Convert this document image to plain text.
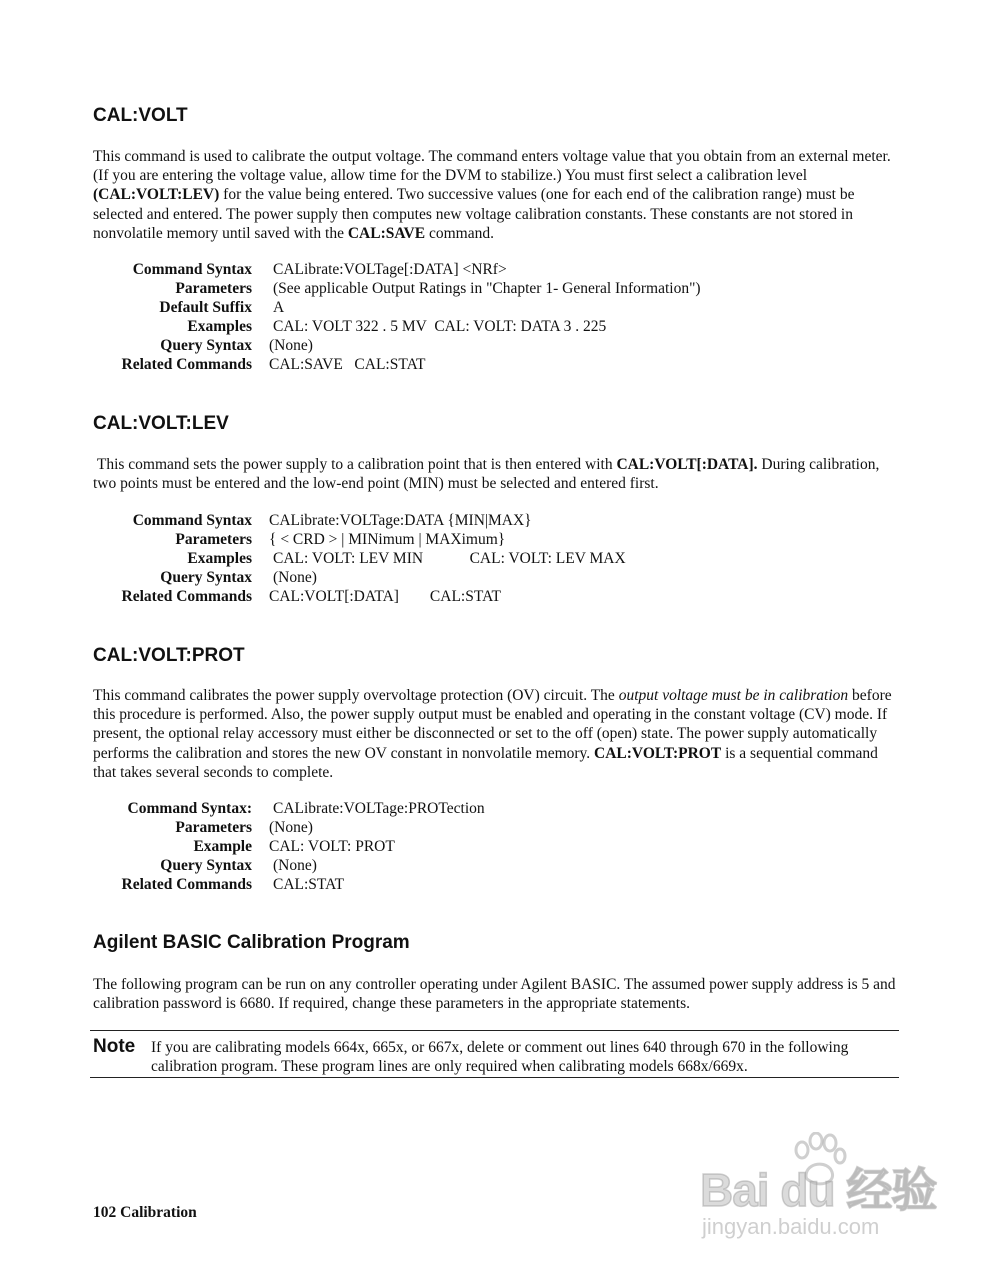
CAL:VOLT

This command is used to calibrate the output voltage. The command enters voltage value that you obtain from an external meter. (If you are entering the voltage value, allow time for the DVM to stabilize.) You must first select a calibration level (CAL:VOLT:LEV) for the value being entered. Two successive values (one for each end of the calibration range) must be selected and entered. The power supply then computes new voltage calibration constants. These constants are not stored in nonvolatile memory until saved with the CAL:SAVE command.

Command Syntax CALibrate:VOLTage[:DATA] <NRf>
Parameters (See applicable Output Ratings in "Chapter 1- General Information")
Default Suffix A
Examples CAL: VOLT 322 . 5 MV  CAL: VOLT: DATA 3 . 225
Query Syntax (None)
Related Commands CAL:SAVE   CAL:STAT
CAL:VOLT:LEV

This command sets the power supply to a calibration point that is then entered with CAL:VOLT[:DATA]. During calibration, two points must be entered and the low-end point (MIN) must be selected and entered first.

Command Syntax CALibrate:VOLTage:DATA {MIN|MAX}
Parameters { < CRD > | MINimum | MAXimum}
Examples CAL: VOLT: LEV MIN            CAL: VOLT: LEV MAX
Query Syntax (None)
Related Commands CAL:VOLT[:DATA]        CAL:STAT
CAL:VOLT:PROT

This command calibrates the power supply overvoltage protection (OV) circuit. The output voltage must be in calibration before this procedure is performed. Also, the power supply output must be enabled and operating in the constant voltage (CV) mode. If present, the optional relay accessory must either be disconnected or set to the off (open) state. The power supply automatically performs the calibration and stores the new OV constant in nonvolatile memory. CAL:VOLT:PROT is a sequential command that takes several seconds to complete.

Command Syntax: CALibrate:VOLTage:PROTection
Parameters (None)
Example CAL: VOLT: PROT
Query Syntax (None)
Related Commands CAL:STAT
Agilent BASIC Calibration Program

The following program can be run on any controller operating under Agilent BASIC. The assumed power supply address is 5 and calibration password is 6680. If required, change these parameters in the appropriate statements.

Note If you are calibrating models 664x, 665x, or 667x, delete or comment out lines 640 through 670 in the following calibration program. These program lines are only required when calibrating models 668x/669x.
102 Calibration	Bai du 经验
jingyan.baidu.com
